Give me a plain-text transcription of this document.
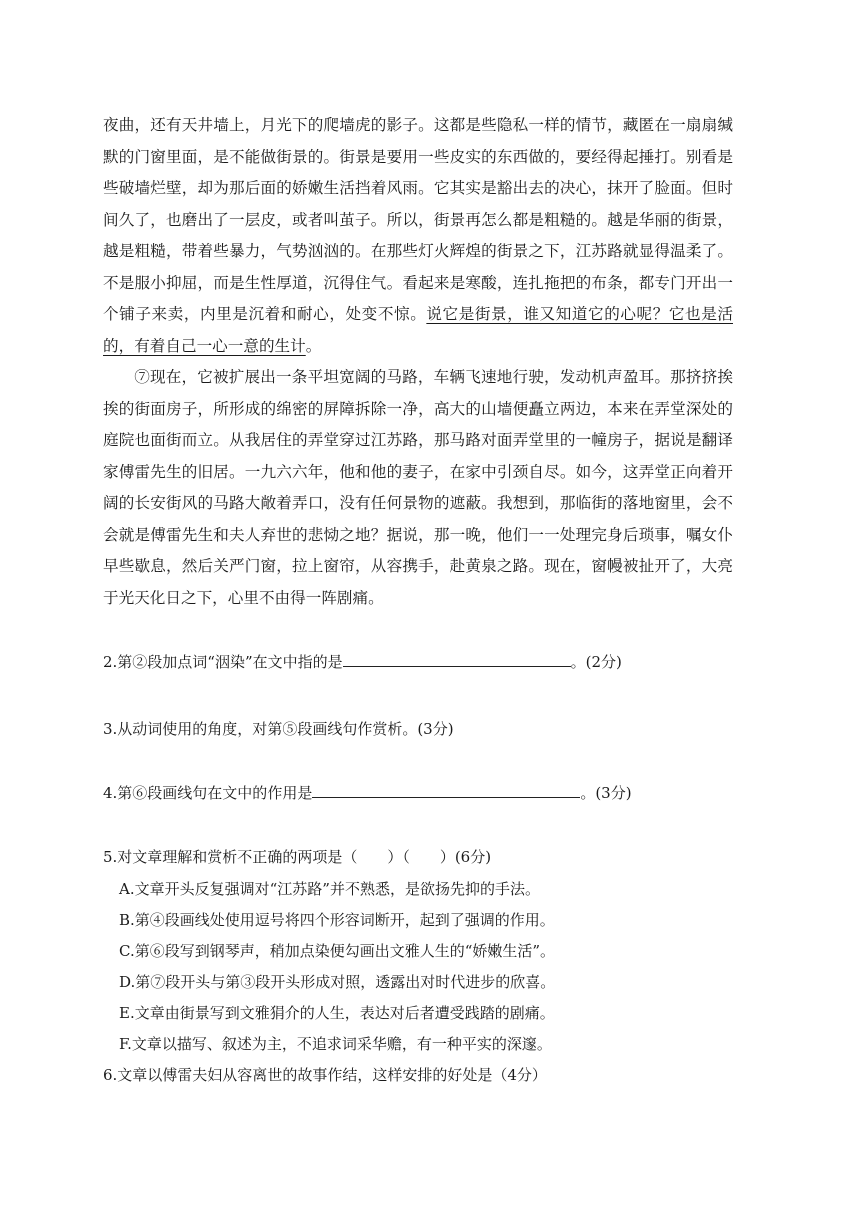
夜曲，还有天井墙上，月光下的爬墙虎的影子。这都是些隐私一样的情节，藏匿在一扇扇缄默的门窗里面，是不能做街景的。街景是要用一些皮实的东西做的，要经得起捶打。别看是些破墙烂壁，却为那后面的娇嫩生活挡着风雨。它其实是豁出去的决心，抹开了脸面。但时间久了，也磨出了一层皮，或者叫茧子。所以，街景再怎么都是粗糙的。越是华丽的街景，越是粗糙，带着些暴力，气势汹汹的。在那些灯火辉煌的街景之下，江苏路就显得温柔了。不是服小抑屈，而是生性厚道，沉得住气。看起来是寒酸，连扎拖把的布条，都专门开出一个铺子来卖，内里是沉着和耐心，处变不惊。说它是街景，谁又知道它的心呢？它也是活的，有着自己一心一意的生计。

⑦现在，它被扩展出一条平坦宽阔的马路，车辆飞速地行驶，发动机声盈耳。那挤挤挨挨的街面房子，所形成的绵密的屏障拆除一净，高大的山墙便矗立两边，本来在弄堂深处的庭院也面街而立。从我居住的弄堂穿过江苏路，那马路对面弄堂里的一幢房子，据说是翻译家傅雷先生的旧居。一九六六年，他和他的妻子，在家中引颈自尽。如今，这弄堂正向着开阔的长安街风的马路大敞着弄口，没有任何景物的遮蔽。我想到，那临街的落地窗里，会不会就是傅雷先生和夫人弃世的悲恸之地？据说，那一晚，他们一一处理完身后琐事，嘱女仆早些歇息，然后关严门窗，拉上窗帘，从容携手，赴黄泉之路。现在，窗幔被扯开了，大亮于光天化日之下，心里不由得一阵剧痛。

2.第②段加点词“洇染”在文中指的是	。(2分)
3.从动词使用的角度，对第⑤段画线句作赏析。(3分)
4.第⑥段画线句在文中的作用是	。(3分)
5.对文章理解和赏析不正确的两项是（　　）（　　）(6分)
A.文章开头反复强调对“江苏路”并不熟悉，是欲扬先抑的手法。
B.第④段画线处使用逗号将四个形容词断开，起到了强调的作用。
C.第⑥段写到钢琴声，稍加点染便勾画出文雅人生的“娇嫩生活”。
D.第⑦段开头与第③段开头形成对照，透露出对时代进步的欣喜。
E.文章由街景写到文雅狷介的人生，表达对后者遭受践踏的剧痛。
F.文章以描写、叙述为主，不追求词采华赡，有一种平实的深邃。
6.文章以傅雷夫妇从容离世的故事作结，这样安排的好处是（4分）
